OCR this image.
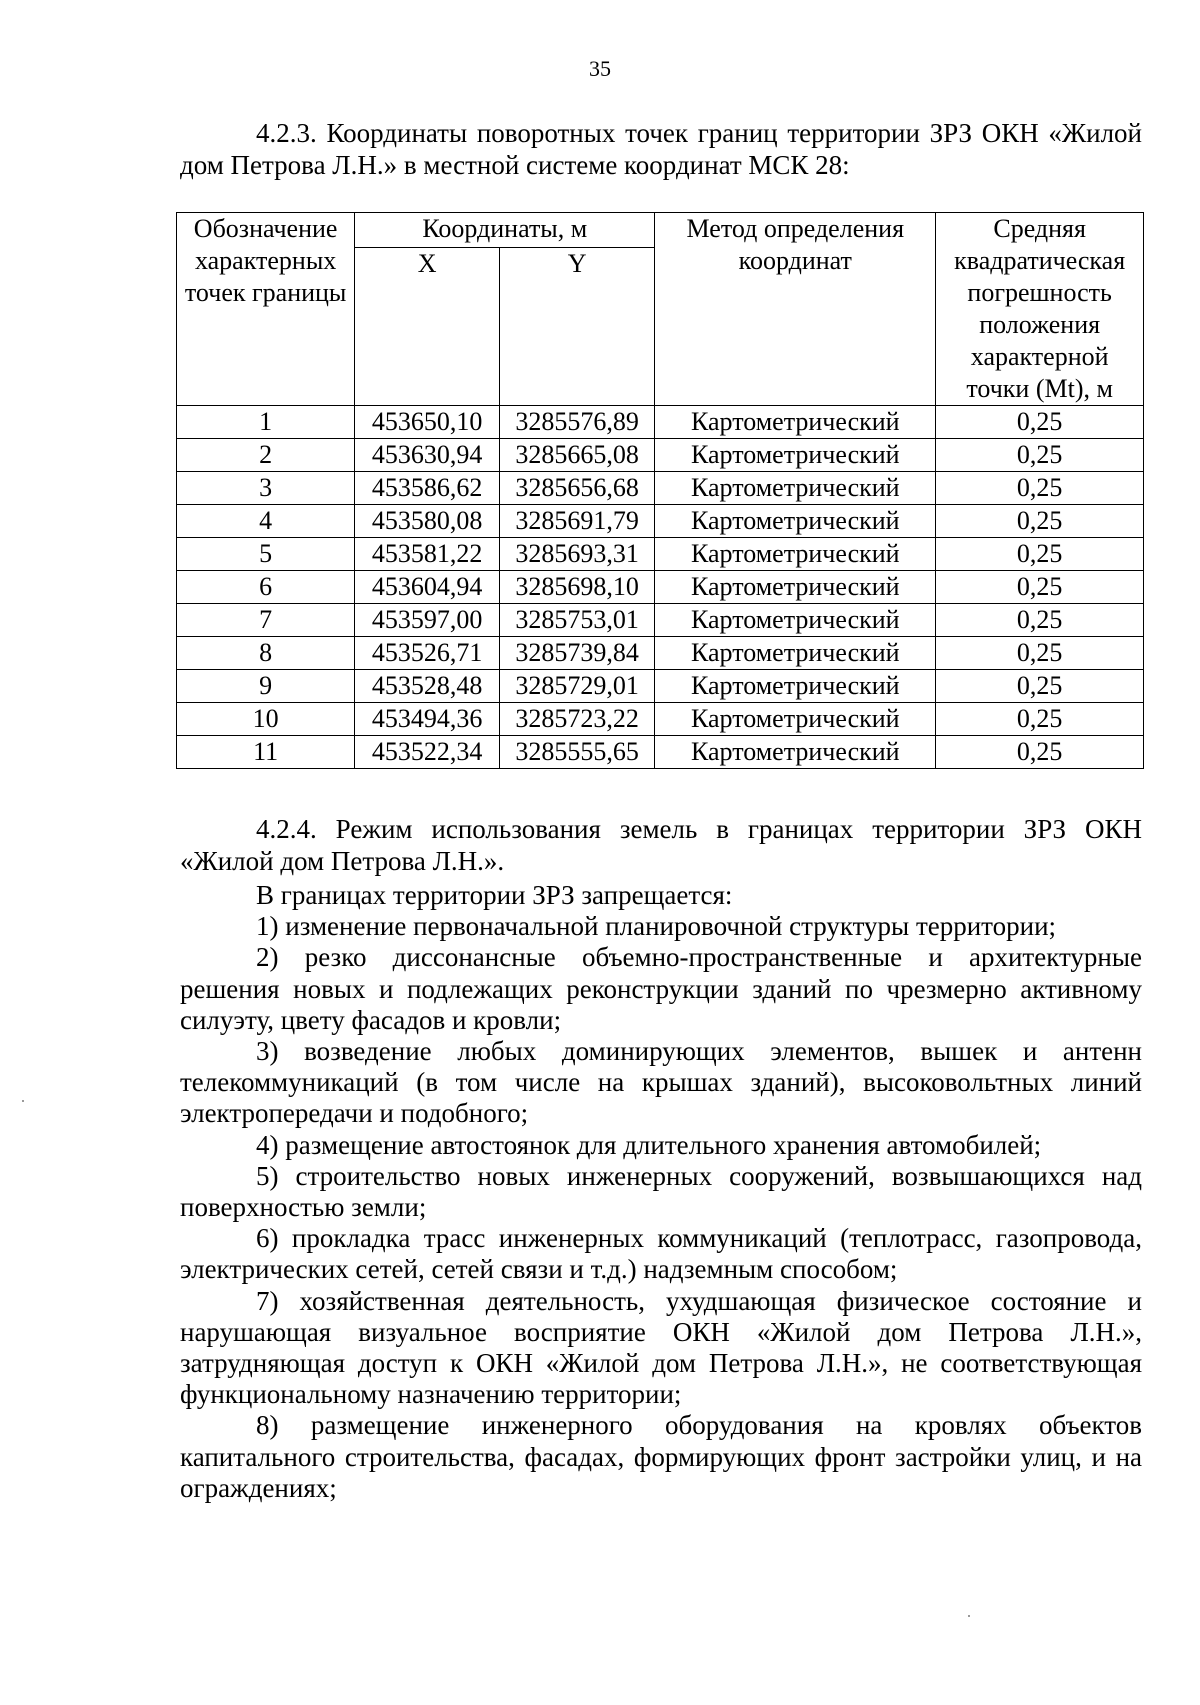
35

4.2.3. Координаты поворотных точек границ территории ЗРЗ ОКН «Жилой дом Петрова Л.Н.» в местной системе координат МСК 28:

Обозначение характерных точек границы	Координаты, м		Метод определения координат	Средняя квадратическая погрешность положения характерной точки (Mt), м
	X	Y		
1	453650,10	3285576,89	Картометрический	0,25
2	453630,94	3285665,08	Картометрический	0,25
3	453586,62	3285656,68	Картометрический	0,25
4	453580,08	3285691,79	Картометрический	0,25
5	453581,22	3285693,31	Картометрический	0,25
6	453604,94	3285698,10	Картометрический	0,25
7	453597,00	3285753,01	Картометрический	0,25
8	453526,71	3285739,84	Картометрический	0,25
9	453528,48	3285729,01	Картометрический	0,25
10	453494,36	3285723,22	Картометрический	0,25
11	453522,34	3285555,65	Картометрический	0,25

4.2.4. Режим использования земель в границах территории ЗРЗ ОКН «Жилой дом Петрова Л.Н.».

В границах территории ЗРЗ запрещается:

1) изменение первоначальной планировочной структуры территории;

2) резко диссонансные объемно-пространственные и архитектурные решения новых и подлежащих реконструкции зданий по чрезмерно активному силуэту, цвету фасадов и кровли;

3) возведение любых доминирующих элементов, вышек и антенн телекоммуникаций (в том числе на крышах зданий), высоковольтных линий электропередачи и подобного;

4) размещение автостоянок для длительного хранения автомобилей;

5) строительство новых инженерных сооружений, возвышающихся над поверхностью земли;

6) прокладка трасс инженерных коммуникаций (теплотрасс, газопровода, электрических сетей, сетей связи и т.д.) надземным способом;

7) хозяйственная деятельность, ухудшающая физическое состояние и нарушающая визуальное восприятие ОКН «Жилой дом Петрова Л.Н.», затрудняющая доступ к ОКН «Жилой дом Петрова Л.Н.», не соответствующая функциональному назначению территории;

8) размещение инженерного оборудования на кровлях объектов капитального строительства, фасадах, формирующих фронт застройки улиц, и на ограждениях;
